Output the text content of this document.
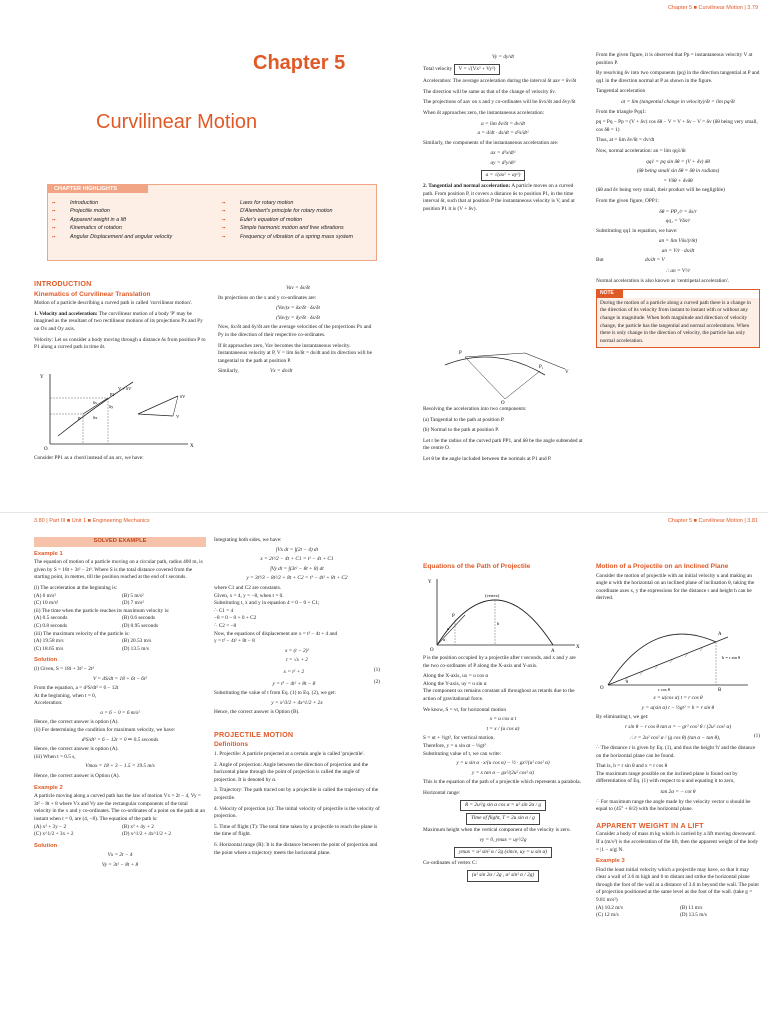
Chapter 5
Curvilinear Motion
CHAPTER HIGHLIGHTS
▪▪ Introduction
▪▪ Projectile motion
▪▪ Apparent weight in a lift
▪▪ Kinematics of rotation
▪▪ Angular Displacement and angular velocity
▪▪ Laws for rotary motion
▪▪ D'Alembert's principle for rotary motion
▪▪ Euler's equation of motion
▪▪ Simple harmonic motion and free vibrations
▪▪ Frequency of vibration of a spring mass system
INTRODUCTION
Kinematics of Curvilinear Translation

Motion of a particle describing a curved path is called 'curvilinear motion'.

1. Velocity and acceleration: The curvilinear motion of a body 'P' may be imagined as the resultant of two rectilinear motions of its projections Px and Py on Ox and Oy axis.

Velocity: Let us consider a body moving through a distance δs from position P to P1 along a curved path in time δt.

Y
O
X
V + δV
δV
V
P
P1
δs
δy
δx
Consider PP1 as a chord instead of an arc, we have:
Vav = δs/δt

Its projections on the x and y co-ordinates are:

(Vav)x = δx/δt · δs/δt
(Vav)y = δy/δt · δs/δt

Now, δx/δt and δy/δt are the average velocities of the projections Px and Py in the direction of their respective co-ordinates.

If δt approaches zero, Vav becomes the instantaneous velocity. Instantaneous velocity at P, V = lim δs/δt = ds/dt and its direction will be tangential to the path at position P.

Similarly,	Vx = dx/dt

Chapter 5 ■ Curvilinear Motion | 3.79
Vy = dy/dt

Total velocity V = √(Vx² + Vy²)

Acceleration: The average acceleration during the interval δt aav = δv/δt

The direction will be same as that of the change of velocity δv.

The projections of aav on x and y co-ordinates will be δvx/δt and δvy/δt

When δt approaches zero, the instantaneous acceleration:

a = lim δv/δt = dv/dt
a = d/dt · ds/dt = d²s/dt²

Similarly, the components of the instantaneous acceleration are:

ax = d²x/dt²
ay = d²y/dt²
a = √(ax² + ay²)

2. Tangential and normal acceleration: A particle moves on a curved path. From position P, it covers a distance δs to position P1, in the time interval δt, such that at position P the instantaneous velocity is V, and at position P1 it is (V + δv).

O
P
P₁
V

Resolving the acceleration into two components:

(a) Tangential to the path at position P.

(b) Normal to the path at position P.

Let r be the radius of the curved path PP1, and δθ be the angle subtended at the centre O.

Let θ be the angle included between the normals at P1 and P.

From the given figure, it is observed that Pp = instantaneous velocity V at position P.

By resolving δv into two components (pq) in the direction tangential at P and qq1 in the direction normal at P as shown in the figure.

Tangential acceleration

at = lim (tangential change in velocity)/δt = lim pq/δt

From the triangle Pqq1:

pq = Pq − Pp = (V + δv) cos δθ − V = V + δv − V = δv (δθ being very small, cos δθ = 1)

Thus, at = lim δv/δt = dv/dt

Now, normal acceleration: an = lim qq1/δt

qq1 = pq sin δθ = (V + δv) δθ
(δθ being small sin δθ = δθ in radians)
= Vδθ + δvδθ

(δθ and δv being very small, their product will be negligible)

From the given figure, OPP1:

δθ = PP₁/r = δs/r
qq₁ = Vδs/r

Substituting qq1 in equation, we have:

an = lim Vδs/(rδt)
an = V/r · ds/dt

But	ds/dt = V

∴ an = V²/r

Normal acceleration is also known as 'centripetal acceleration'.

NOTE
During the motion of a particle along a curved path there is a change in the direction of its velocity from instant to instant with or without any change in magnitude. When both magnitude and direction of velocity change, the particle has the tangential and normal accelerations. When there is only change in the direction of velocity, the particle has only normal acceleration.
3.80 | Part III ■ Unit 1 ■ Engineering Mechanics
SOLVED EXAMPLE
Example 1

The equation of motion of a particle moving on a circular path, radius 400 m, is given by S = 18t + 3t² − 2t³. Where S is the total distance covered from the starting point, in metres, till the position reached at the end of t seconds.

(i) The acceleration at the beginning is:

(A) 6 m/s²	(B) 5 m/s²
(C) 10 m/s²	(D) 7 m/s²

(ii) The time when the particle reaches its maximum velocity is:

(A) 0.5 seconds	(B) 0.6 seconds
(C) 0.8 seconds	(D) 0.95 seconds

(iii) The maximum velocity of the particle is:

(A) 19.58 m/s	(B) 20.53 m/s
(C) 18.65 m/s	(D) 13.5 m/s
Solution
(i) Given, S = 18t + 3t² − 2t³
V = dS/dt = 18 + 6t − 6t²
From the equation, a = d²S/dt² = 6 − 12t
At the beginning, when t = 0,
Acceleration:
a = 6 − 0 = 6 m/s²
Hence, the correct answer is option (A).
(ii) For determining the condition for maximum velocity, we have:
d²S/dt² = 6 − 12t = 0 ⇒ 0.5 seconds
Hence, the correct answer is option (A).
(iii) When t = 0.5 s,
Vmax = 18 + 3 − 1.5 = 19.5 m/s
Hence, the correct answer is Option (A).
Example 2

A particle moving along a curved path has the law of motion Vx = 2t − 4, Vy = 3t² − 8t + 8 where Vx and Vy are the rectangular components of the total velocity in the x and y co-ordinates. The co-ordinates of a point on the path at an instant when t = 0, are (4, −8). The equation of the path is:

(A) x² + 3y − 2	(B) x³ + 4y + 2
(C) x^1/2 + 3x + 2	(D) x^1/2 + 4x^1/2 + 2
Solution
Vx = 2t − 4
Vy = 3t² − 8t + 8
Integrating both sides, we have:
∫Vx dt = ∫(2t − 4) dt
x = 2t²/2 − 4t + C1 = t² − 4t + C1
∫Vy dt = ∫(3t² − 8t + 8) dt
y = 3t³/3 − 8t²/2 + 8t + C2 = t³ − 4t² + 8t + C2
where C1 and C2 are constants.
Given, x = 4, y = −8, when t = 0.
Substituting t, x and y in equation 4 = 0 − 0 + C1;
∴ C1 = 4
−8 = 0 − 0 + 0 + C2
∴ C2 = −8
Now, the equations of displacement are x = t² − 4t + 4 and
y = t³ − 4t² + 8t − 8
x = (t − 2)²
t = √x + 2
x = t² + 2	(1)
y = t³ − 4t² + 8t − 8	(2)
Substituting the value of t from Eq. (1) to Eq. (2), we get:
y = x^3/2 + 4x^1/2 + 2x
Hence, the correct answer is Option (B).
PROJECTILE MOTION
Definitions

1. Projectile: A particle projected at a certain angle is called 'projectile'.

2. Angle of projection: Angle between the direction of projection and the horizontal plane through the point of projection is called the angle of projection. It is denoted by α.

3. Trajectory: The path traced out by a projectile is called the trajectory of the projectile.

4. Velocity of projection (u): The initial velocity of projectile is the velocity of projection.

5. Time of flight (T): The total time taken by a projectile to reach the plane is the time of flight.

6. Horizontal range (R): It is the distance between the point of projection and the point where a trajectory meets the horizontal plane.

Chapter 5 ■ Curvilinear Motion | 3.81
Equations of the Path of Projectile
Y
O
X
A
P
u
α
(vertex)
h

P is the position occupied by a projectile after t seconds, and x and y are the two co-ordinates of P along the X-axis and Y-axis.

Along the X-axis, ux = u cos α
Along the Y-axis, uy = u sin α

The component ux remains constant all throughout as retards due to the action of gravitational force.

We know, S = vt, for horizontal motion
x = u cos α t
t = x / (u cos α)
S = ut + ½gt², for vertical motion.
Therefore, y = u sin αt − ½gt²
Substituting value of t, we can write:
y = u sin α · x/(u cos α) − ½ · gx²/(u² cos² α)
y = x tan α − gx²/(2u² cos² α)

This is the equation of the path of a projectile which represents a parabola.

Horizontal range:
R = 2u²/g sin α cos α = u² sin 2α / g
Time of flight, T = 2u sin α / g

Maximum height when the vertical component of the velocity is zero.

vy = 0, ymax = uy²/2g
ymax = u² sin² α / 2g (since, uy = u sin α)
Co-ordinates of vertex C:
(u² sin 2α / 2g , u² sin² α / 2g)
Motion of a Projectile on an Inclined Plane

Consider the motion of projectile with an initial velocity u and making an angle α with the horizontal on an inclined plane of inclination θ, taking the coordinate axes x, y the expressions for the distance r and height h can be derived.

h = r sin θ
r cos θ
A
O	B
θ
x = u(cos α) t = r cos θ
y = u(sin α) t − ½gt² = h = r sin θ
By eliminating t, we get:
r sin θ − r cos θ tan α = − gr² cos² θ / (2u² cos² α)
∴ r = 2u² cos² α / (g cos θ) (tan α − tan θ),	(1)

∴ The distance r is given by Eq. (1), and thus the height 'h' and the distance on the horizontal plane can be found.

That is, h = r sin θ and x = r cos θ

The maximum range possible on the inclined plane is found out by differentiation of Eq. (1) with respect to α and equating it to zero,

tan 2α = − cot θ

∴ For maximum range the angle made by the velocity vector u should be equal to (45° + θ/2) with the horizontal plane.

APPARENT WEIGHT IN A LIFT

Consider a body of mass m kg which is carried by a lift moving downward. If a (m/s²) is the acceleration of the lift, then the apparent weight of the body = |1 − a/g| N.

Example 3

Find the least initial velocity which a projectile may have, so that it may clear a wall of 3.6 m high and 6 m distant and strike the horizontal plane through the foot of the wall at a distance of 3.6 m beyond the wall. The point of projection positioned at the same level as the foot of the wall. (take g = 9.81 m/s²)

(A) 10.2 m/s	(B) 11 m/s
(C) 12 m/s	(D) 13.5 m/s
